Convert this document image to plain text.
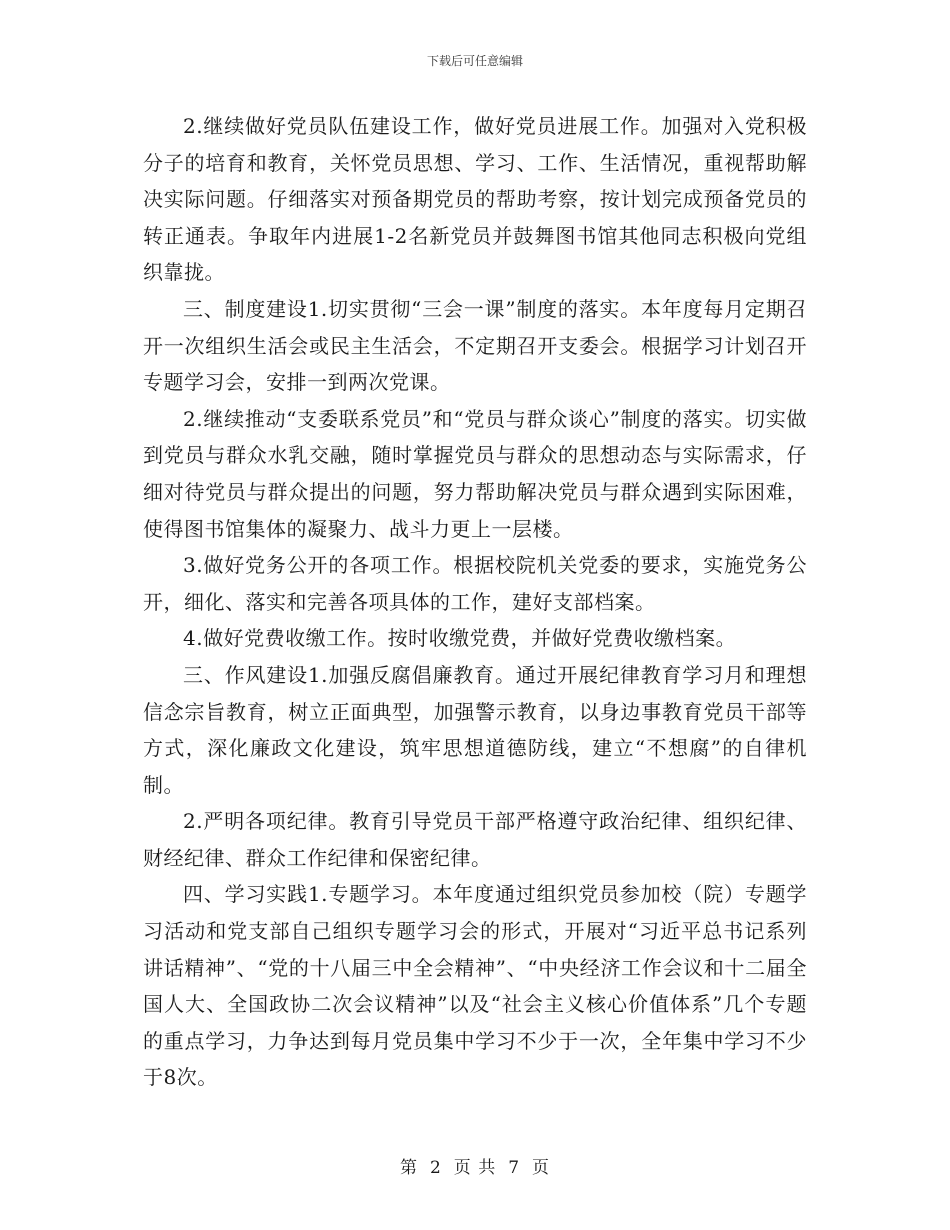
下载后可任意编辑

2.继续做好党员队伍建设工作，做好党员进展工作。加强对入党积极分子的培育和教育，关怀党员思想、学习、工作、生活情况，重视帮助解决实际问题。仔细落实对预备期党员的帮助考察，按计划完成预备党员的转正通表。争取年内进展1-2名新党员并鼓舞图书馆其他同志积极向党组织靠拢。

三、制度建设1.切实贯彻“三会一课”制度的落实。本年度每月定期召开一次组织生活会或民主生活会，不定期召开支委会。根据学习计划召开专题学习会，安排一到两次党课。

2.继续推动“支委联系党员”和“党员与群众谈心”制度的落实。切实做到党员与群众水乳交融，随时掌握党员与群众的思想动态与实际需求，仔细对待党员与群众提出的问题，努力帮助解决党员与群众遇到实际困难，使得图书馆集体的凝聚力、战斗力更上一层楼。

3.做好党务公开的各项工作。根据校院机关党委的要求，实施党务公开，细化、落实和完善各项具体的工作，建好支部档案。

4.做好党费收缴工作。按时收缴党费，并做好党费收缴档案。

三、作风建设1.加强反腐倡廉教育。通过开展纪律教育学习月和理想信念宗旨教育，树立正面典型，加强警示教育，以身边事教育党员干部等方式，深化廉政文化建设，筑牢思想道德防线，建立“不想腐”的自律机制。

2.严明各项纪律。教育引导党员干部严格遵守政治纪律、组织纪律、财经纪律、群众工作纪律和保密纪律。

四、学习实践1.专题学习。本年度通过组织党员参加校（院）专题学习活动和党支部自己组织专题学习会的形式，开展对“习近平总书记系列讲话精神”、“党的十八届三中全会精神”、“中央经济工作会议和十二届全国人大、全国政协二次会议精神”以及“社会主义核心价值体系”几个专题的重点学习，力争达到每月党员集中学习不少于一次，全年集中学习不少于8次。

第 2 页 共 7 页
